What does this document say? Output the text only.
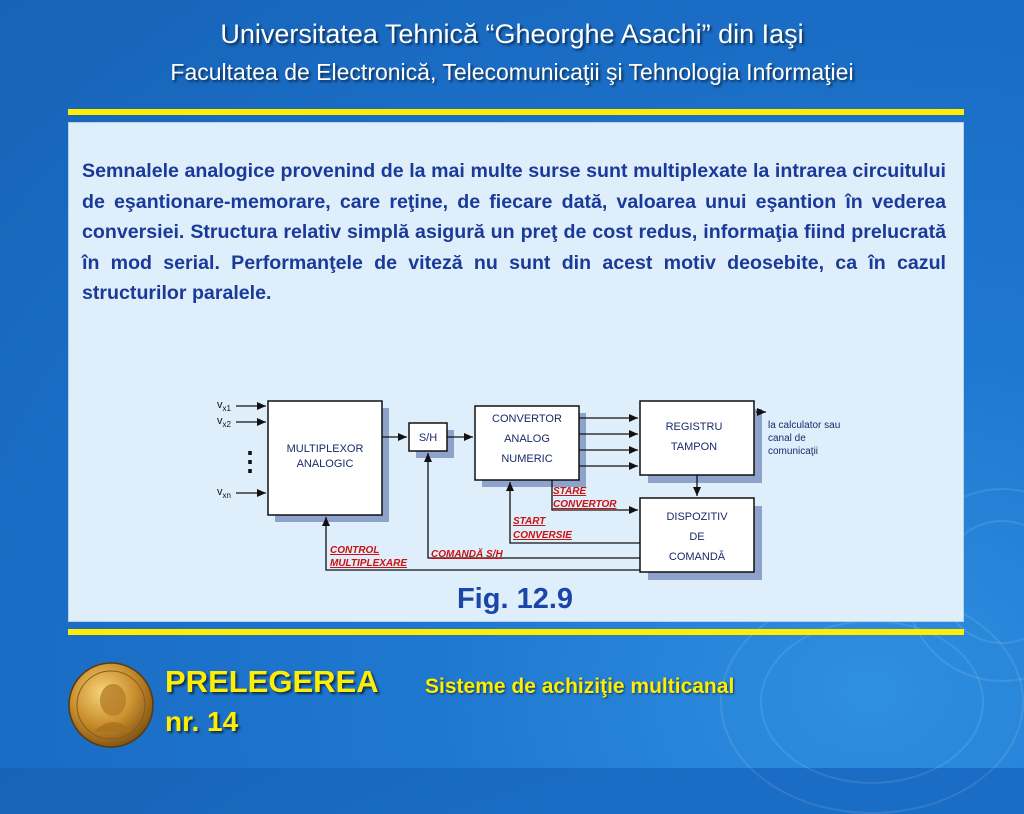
Universitatea Tehnică “Gheorghe Asachi” din Iaşi
Facultatea de Electronică, Telecomunicaţii şi Tehnologia Informaţiei

Semnalele analogice provenind de la mai multe surse sunt multiplexate la intrarea circuitului de eşantionare-memorare, care reţine, de fiecare dată, valoarea unui eşantion în vederea conversiei. Structura relativ simplă asigură un preţ de cost redus, informaţia fiind prelucrată în mod serial. Performanţele de viteză nu sunt din acest motiv deosebite, ca în cazul structurilor paralele.

$v_{x1}$
$v_{x2}$
⋮
$v_{xn}$
MULTIPLEXOR
ANALOGIC
S/H
CONVERTOR
ANALOG
NUMERIC
REGISTRU
TAMPON
DISPOZITIV
DE
COMANDĂ
la calculator sau
canal de
comunicaţii
STARE
CONVERTOR
START
CONVERSIE
CONTROL
MULTIPLEXARE
COMANDĂ S/H
Fig. 12.9
PRELEGEREA
nr. 14
Sisteme de achiziţie multicanal
